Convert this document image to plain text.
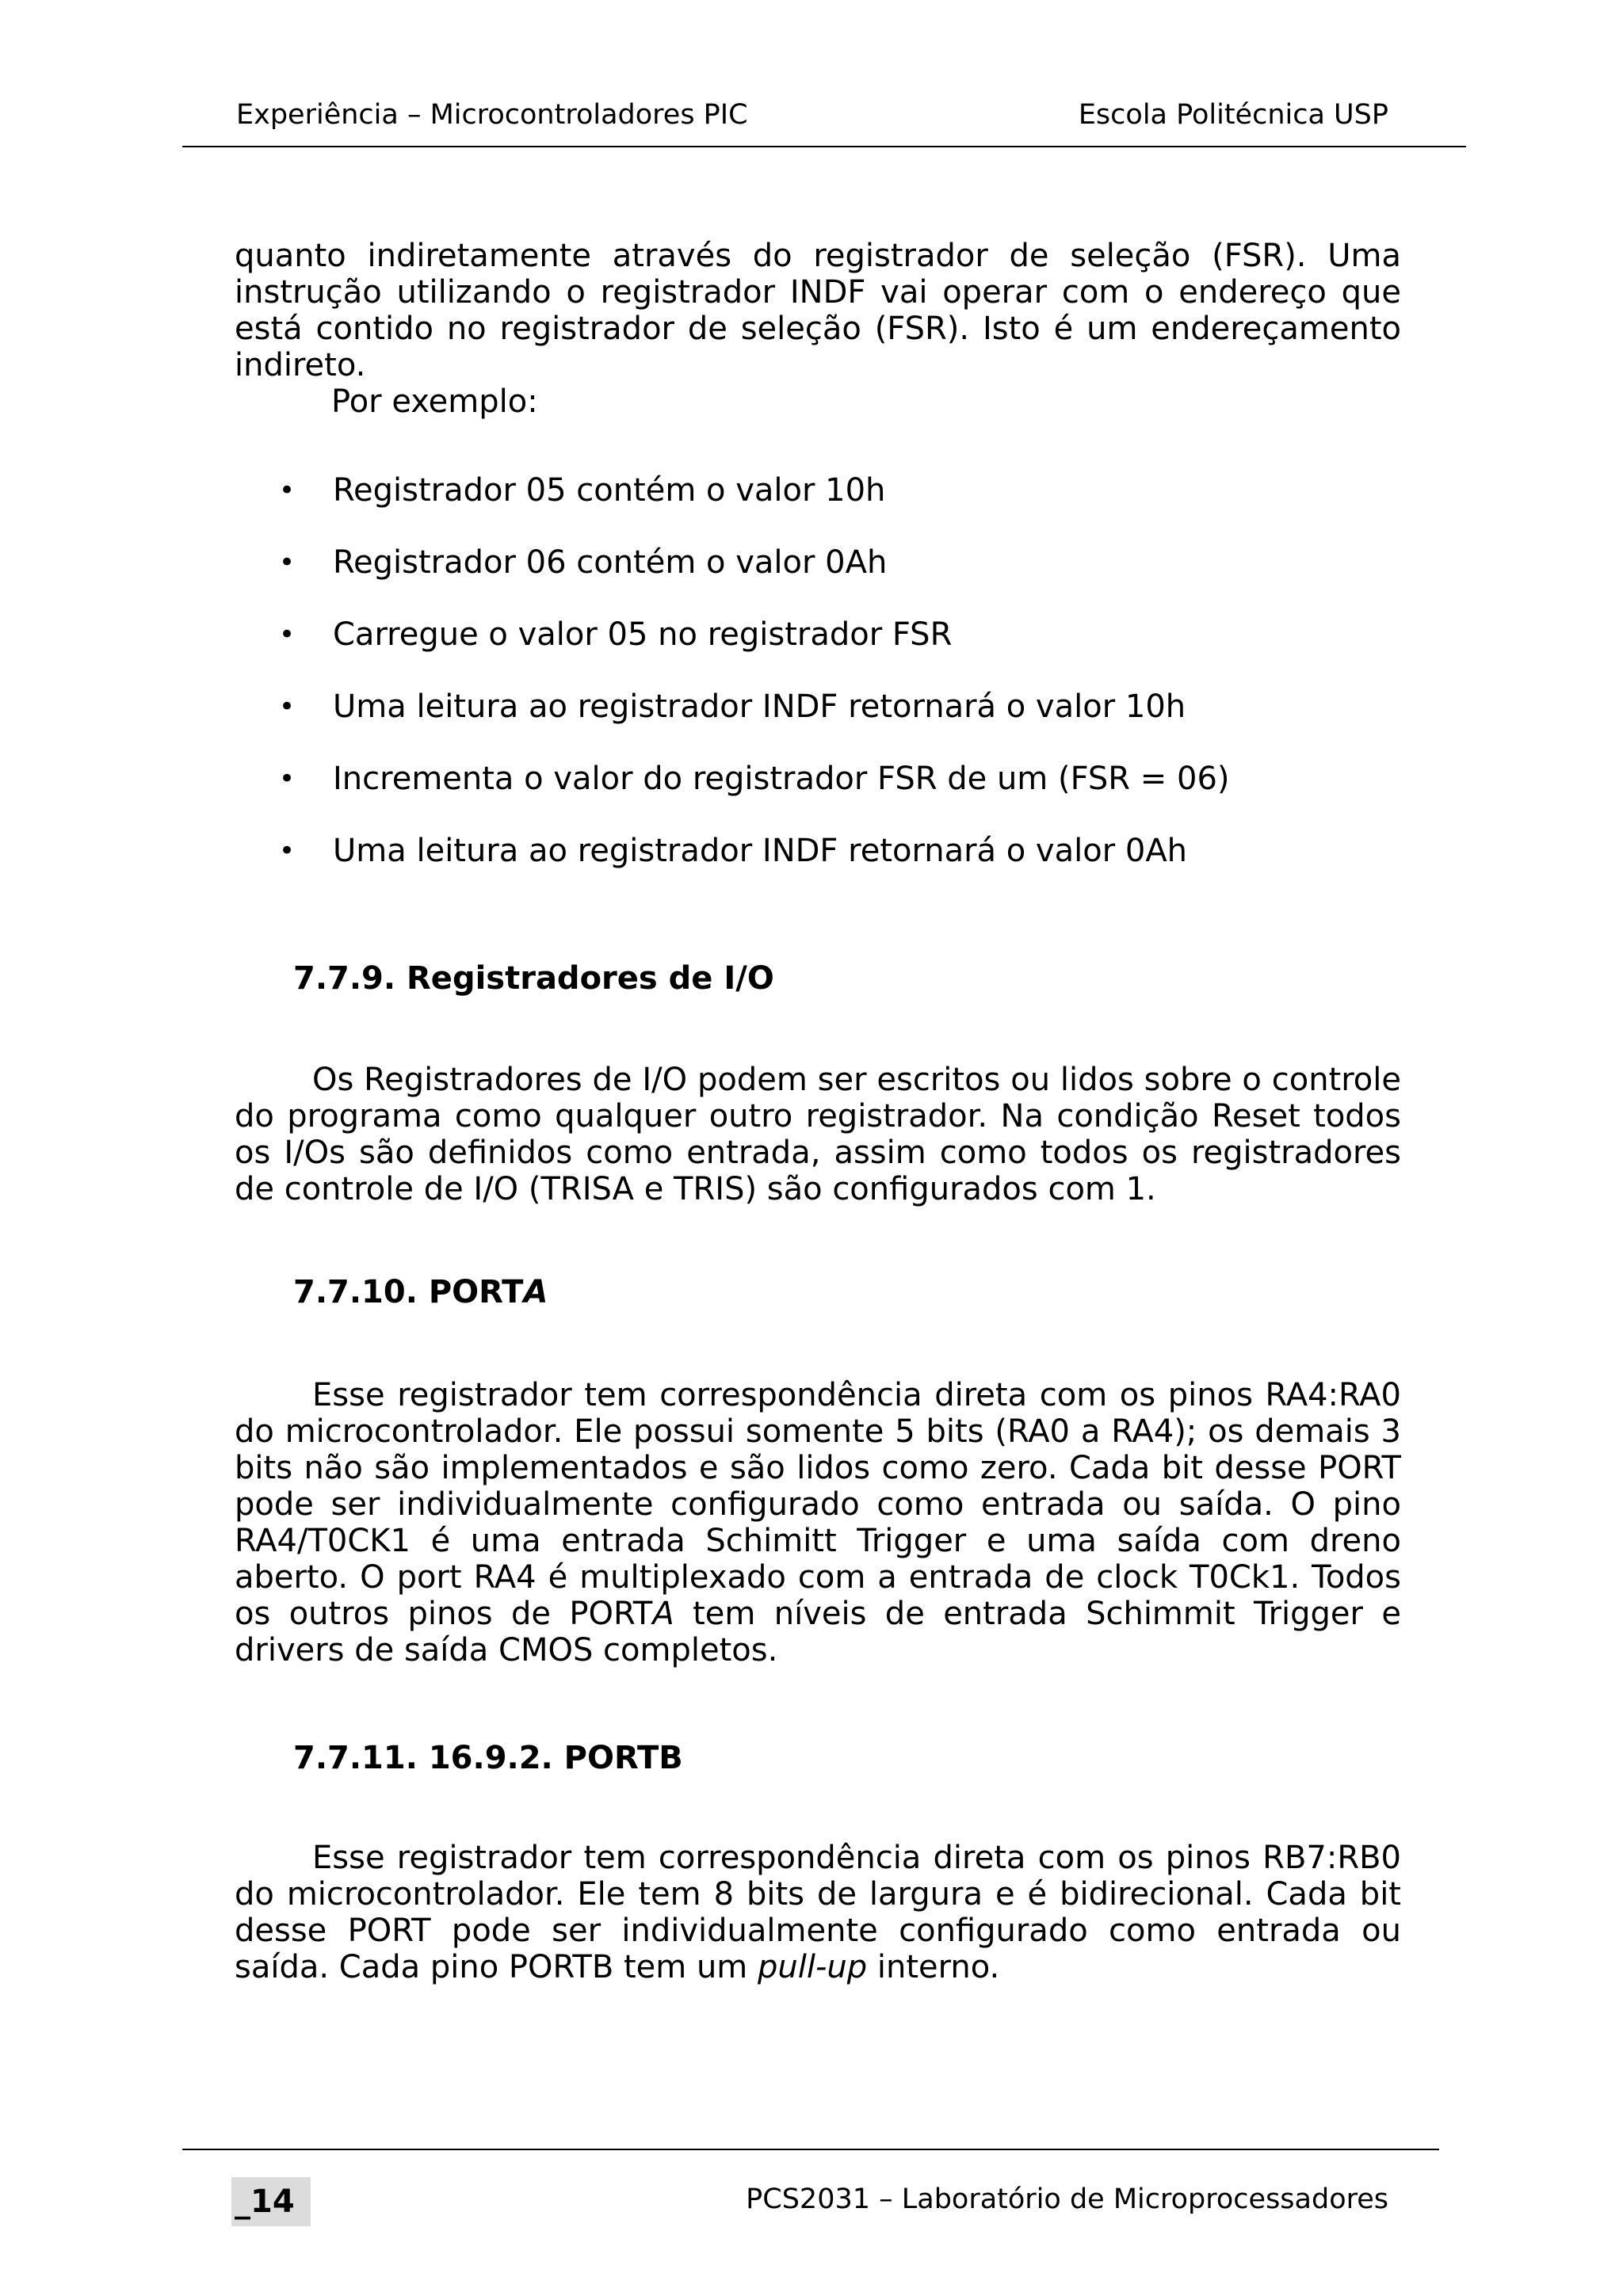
Experiência – Microcontroladores PIC	Escola Politécnica USP

quanto indiretamente através do registrador de seleção (FSR). Uma instrução utilizando o registrador INDF vai operar com o endereço que está contido no registrador de seleção (FSR). Isto é um endereçamento indireto.

Por exemplo:
• Registrador 05 contém o valor 10h
• Registrador 06 contém o valor 0Ah
• Carregue o valor 05 no registrador FSR
• Uma leitura ao registrador INDF retornará o valor 10h
• Incrementa o valor do registrador FSR de um (FSR = 06)
• Uma leitura ao registrador INDF retornará o valor 0Ah
7.7.9. Registradores de I/O

Os Registradores de I/O podem ser escritos ou lidos sobre o controle do programa como qualquer outro registrador. Na condição Reset todos os I/Os são definidos como entrada, assim como todos os registradores de controle de I/O (TRISA e TRIS) são configurados com 1.

7.7.10. PORTA

Esse registrador tem correspondência direta com os pinos RA4:RA0 do microcontrolador. Ele possui somente 5 bits (RA0 a RA4); os demais 3 bits não são implementados e são lidos como zero. Cada bit desse PORT pode ser individualmente configurado como entrada ou saída. O pino RA4/T0CK1 é uma entrada Schimitt Trigger e uma saída com dreno aberto. O port RA4 é multiplexado com a entrada de clock T0Ck1. Todos os outros pinos de PORTA tem níveis de entrada Schimmit Trigger e drivers de saída CMOS completos.

7.7.11. 16.9.2. PORTB

Esse registrador tem correspondência direta com os pinos RB7:RB0 do microcontrolador. Ele tem 8 bits de largura e é bidirecional. Cada bit desse PORT pode ser individualmente configurado como entrada ou saída. Cada pino PORTB tem um pull-up interno.

_14	PCS2031 – Laboratório de Microprocessadores
